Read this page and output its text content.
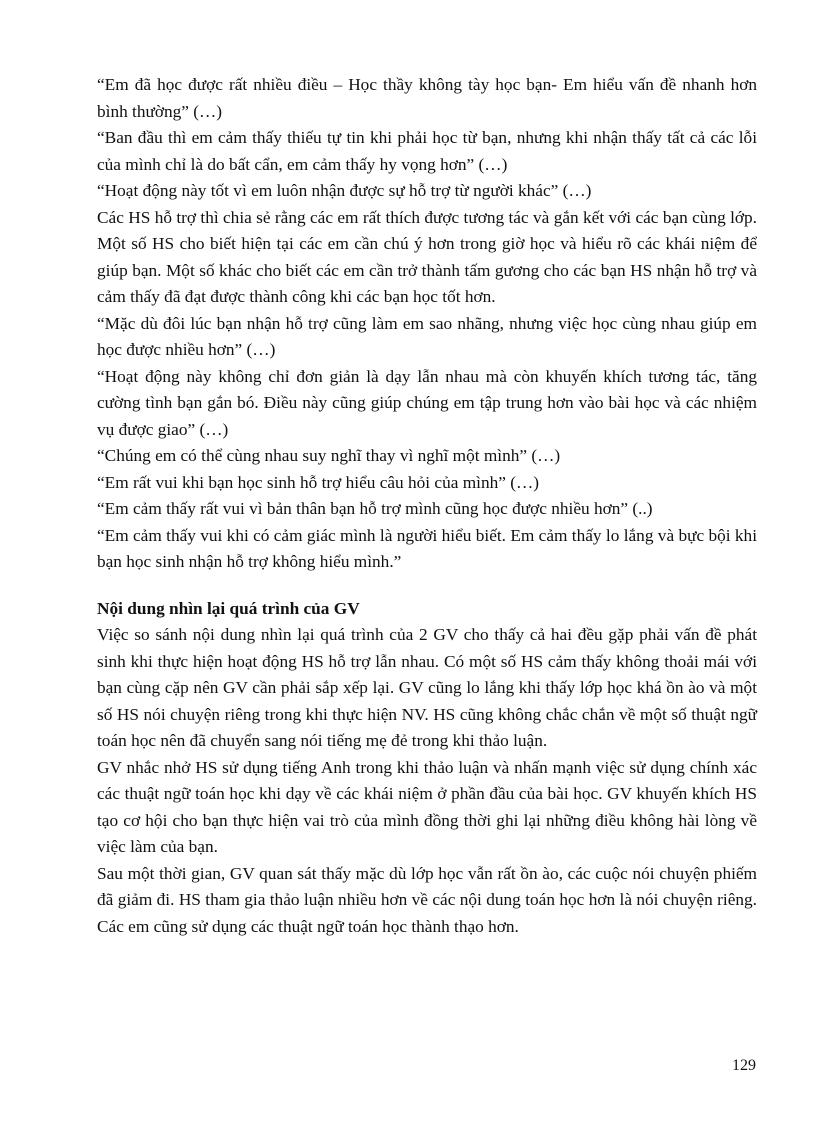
“Em đã học được rất nhiều điều – Học thầy không tày học bạn- Em hiểu vấn đề nhanh hơn bình thường” (…)

“Ban đầu thì em cảm thấy thiếu tự tin khi phải học từ bạn, nhưng khi nhận thấy tất cả các lỗi của mình chỉ là do bất cẩn, em cảm thấy hy vọng hơn” (…)

“Hoạt động này tốt vì em luôn nhận được sự hỗ trợ từ người khác” (…)

Các HS hỗ trợ thì chia sẻ rằng các em rất thích được tương tác và gắn kết với các bạn cùng lớp. Một số HS cho biết hiện tại các em cần chú ý hơn trong giờ học và hiểu rõ các khái niệm để giúp bạn. Một số khác cho biết các em cần trở thành tấm gương cho các bạn HS nhận hỗ trợ và cảm thấy đã đạt được thành công khi các bạn học tốt hơn.

“Mặc dù đôi lúc bạn nhận hỗ trợ cũng làm em sao nhãng, nhưng việc học cùng nhau giúp em học được nhiều hơn” (…)

“Hoạt động này không chỉ đơn giản là dạy lẫn nhau mà còn khuyến khích tương tác, tăng cường tình bạn gắn bó. Điều này cũng giúp chúng em tập trung hơn vào bài học và các nhiệm vụ được giao” (…)

“Chúng em có thể cùng nhau suy nghĩ thay vì nghĩ một mình” (…)

“Em rất vui khi bạn học sinh hỗ trợ hiểu câu hỏi của mình” (…)

“Em cảm thấy rất vui vì bản thân bạn hỗ trợ mình cũng học được nhiều hơn” (..)

“Em cảm thấy vui khi có cảm giác mình là người hiểu biết. Em cảm thấy lo lắng và bực bội khi bạn học sinh nhận hỗ trợ không hiểu mình.”

Nội dung nhìn lại quá trình của GV

Việc so sánh nội dung nhìn lại quá trình của 2 GV cho thấy cả hai đều gặp phải vấn đề phát sinh khi thực hiện hoạt động HS hỗ trợ lẫn nhau. Có một số HS cảm thấy không thoải mái với bạn cùng cặp nên GV cần phải sắp xếp lại. GV cũng lo lắng khi thấy lớp học khá ồn ào và một số HS nói chuyện riêng trong khi thực hiện NV. HS cũng không chắc chắn về một số thuật ngữ toán học nên đã chuyển sang nói tiếng mẹ đẻ trong khi thảo luận.

GV nhắc nhở HS sử dụng tiếng Anh trong khi thảo luận và nhấn mạnh việc sử dụng chính xác các thuật ngữ toán học khi dạy về các khái niệm ở phần đầu của bài học. GV khuyến khích HS tạo cơ hội cho bạn thực hiện vai trò của mình đồng thời ghi lại những điều không hài lòng về việc làm của bạn.

Sau một thời gian, GV quan sát thấy mặc dù lớp học vẫn rất ồn ào, các cuộc nói chuyện phiếm đã giảm đi. HS tham gia thảo luận nhiều hơn về các nội dung toán học hơn là nói chuyện riêng. Các em cũng sử dụng các thuật ngữ toán học thành thạo hơn.

129
